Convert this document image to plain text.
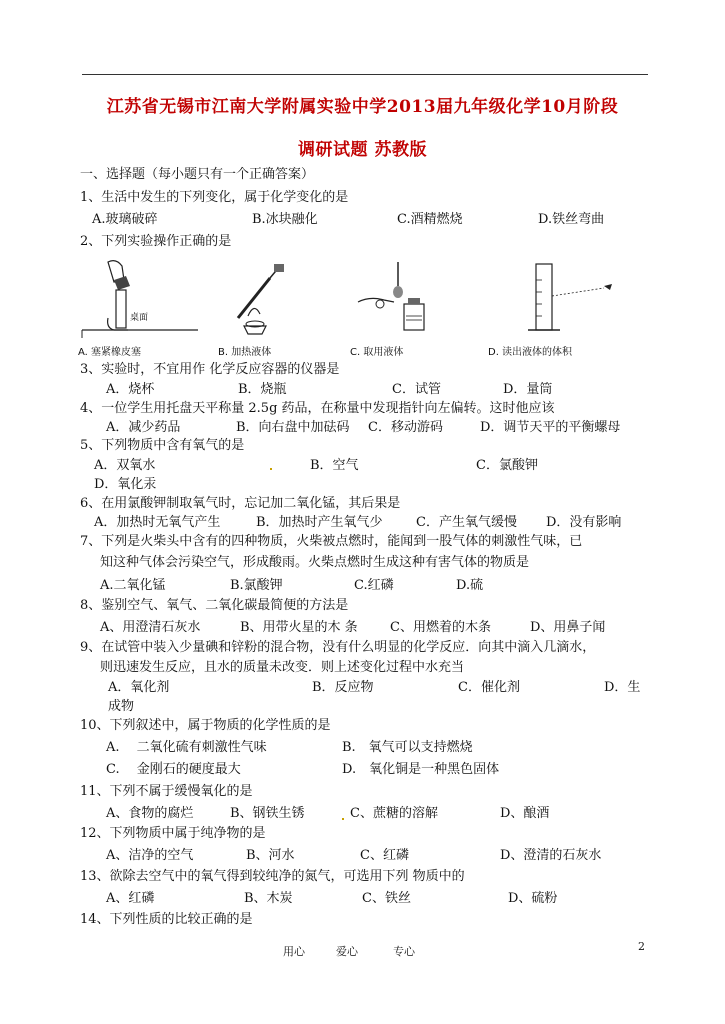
江苏省无锡市江南大学附属实验中学2013届九年级化学10月阶段
调研试题 苏教版
一、选择题（每小题只有一个正确答案）
1、生活中发生的下列变化，属于化学变化的是
A.玻璃破碎	B.冰块融化	C.酒精燃烧	D.铁丝弯曲
2、下列实验操作正确的是
桌面
A. 塞紧橡皮塞	B. 加热液体	C. 取用液体	D. 读出液体的体积
3、实验时，不宜用作 化学反应容器的仪器是
A．烧杯	B．烧瓶	C．试管	D．量筒
4、一位学生用托盘天平称量 2.5g 药品，在称量中发现指针向左偏转。这时他应该
A．减少药品	B．向右盘中加砝码 C．移动游码	D．调节天平的平衡螺母
5、下列物质中含有氧气的是
A．双氧水	B．空气	C．氯酸钾
D．氧化汞
6、在用氯酸钾制取氧气时，忘记加二氧化锰，其后果是
A．加热时无氧气产生	B．加热时产生氧气少	C．产生氧气缓慢 D．没有影响
7、下列是火柴头中含有的四种物质，火柴被点燃时，能闻到一股气体的刺激性气味，已
知这种气体会污染空气，形成酸雨。火柴点燃时生成这种有害气体的物质是
A.二氧化锰	B.氯酸钾	C.红磷	D.硫
8、鉴别空气、氧气、二氧化碳最简便的方法是
A、用澄清石灰水	B、用带火星的木 条 C、用燃着的木条	D、用鼻子闻
9、在试管中装入少量碘和锌粉的混合物，没有什么明显的化学反应．向其中滴入几滴水，
则迅速发生反应，且水的质量未改变．则上述变化过程中水充当
A．氧化剂	B．反应物	C．催化剂	D．生
成物
10、下列叙述中，属于物质的化学性质的是
A.　 二氧化硫有刺激性气味	B.　氧气可以支持燃烧
C.　 金刚石的硬度最大	D.　氧化铜是一种黑色固体
11、下列不属于缓慢氧化的是
A、食物的腐烂	B、钢铁生锈	C、蔗糖的溶解	D、酿酒
12、下列物质中属于纯净物的是
A、洁净的空气	B、河水	C、红磷	D、澄清的石灰水
13、欲除去空气中的氧气得到较纯净的氮气，可选用下列 物质中的
A、红磷	B、木炭	C、铁丝	D、硫粉
14、下列性质的比较正确的是
用心	爱心	专心	2
